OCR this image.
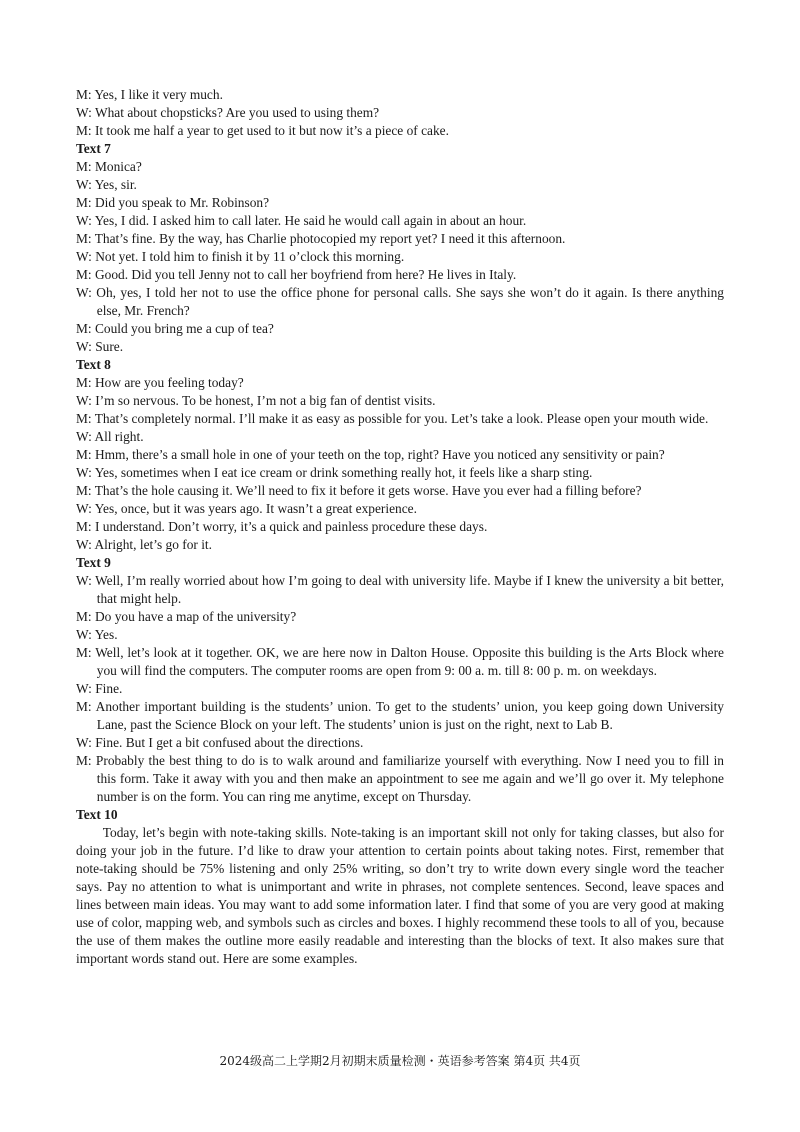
M: Yes, I like it very much.

W: What about chopsticks? Are you used to using them?

M: It took me half a year to get used to it but now it’s a piece of cake.

Text 7

M: Monica?

W: Yes, sir.

M: Did you speak to Mr. Robinson?

W: Yes, I did. I asked him to call later. He said he would call again in about an hour.

M: That’s fine. By the way, has Charlie photocopied my report yet? I need it this afternoon.

W: Not yet. I told him to finish it by 11 o’clock this morning.

M: Good. Did you tell Jenny not to call her boyfriend from here? He lives in Italy.

W: Oh, yes, I told her not to use the office phone for personal calls. She says she won’t do it again. Is there anything else, Mr. French?

M: Could you bring me a cup of tea?

W: Sure.

Text 8

M: How are you feeling today?

W: I’m so nervous. To be honest, I’m not a big fan of dentist visits.

M: That’s completely normal. I’ll make it as easy as possible for you. Let’s take a look. Please open your mouth wide.

W: All right.

M: Hmm, there’s a small hole in one of your teeth on the top, right? Have you noticed any sensitivity or pain?

W: Yes, sometimes when I eat ice cream or drink something really hot, it feels like a sharp sting.

M: That’s the hole causing it. We’ll need to fix it before it gets worse. Have you ever had a filling before?

W: Yes, once, but it was years ago. It wasn’t a great experience.

M: I understand. Don’t worry, it’s a quick and painless procedure these days.

W: Alright, let’s go for it.

Text 9

W: Well, I’m really worried about how I’m going to deal with university life. Maybe if I knew the university a bit better, that might help.

M: Do you have a map of the university?

W: Yes.

M: Well, let’s look at it together. OK, we are here now in Dalton House. Opposite this building is the Arts Block where you will find the computers. The computer rooms are open from 9: 00 a. m. till 8: 00 p. m. on weekdays.

W: Fine.

M: Another important building is the students’ union. To get to the students’ union, you keep going down University Lane, past the Science Block on your left. The students’ union is just on the right, next to Lab B.

W: Fine. But I get a bit confused about the directions.

M: Probably the best thing to do is to walk around and familiarize yourself with everything. Now I need you to fill in this form. Take it away with you and then make an appointment to see me again and we’ll go over it. My telephone number is on the form. You can ring me anytime, except on Thursday.

Text 10

Today, let’s begin with note-taking skills. Note-taking is an important skill not only for taking classes, but also for doing your job in the future. I’d like to draw your attention to certain points about taking notes. First, remember that note-taking should be 75% listening and only 25% writing, so don’t try to write down every single word the teacher says. Pay no attention to what is unimportant and write in phrases, not complete sentences. Second, leave spaces and lines between main ideas. You may want to add some information later. I find that some of you are very good at making use of color, mapping web, and symbols such as circles and boxes. I highly recommend these tools to all of you, because the use of them makes the outline more easily readable and interesting than the blocks of text. It also makes sure that important words stand out. Here are some examples.

2024级高二上学期2月初期末质量检测・英语参考答案 第4页 共4页
